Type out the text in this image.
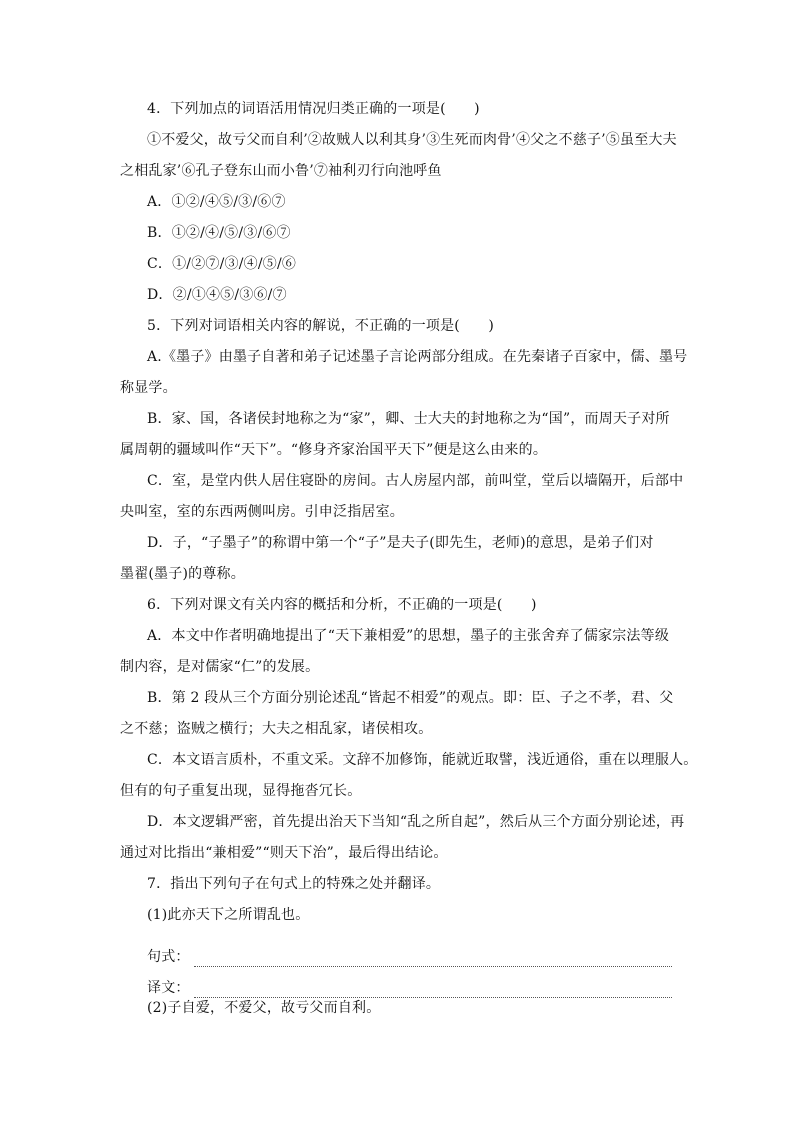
4．下列加点的词语活用情况归类正确的一项是(　　)
①不爱父，故亏父而自利’②故贼人以利其身’③生死而肉骨’④父之不慈子’⑤虽至大夫
之相乱家’⑥孔子登东山而小鲁’⑦袖利刃行向池呼鱼
A．①②/④⑤/③/⑥⑦
B．①②/④/⑤/③/⑥⑦
C．①/②⑦/③/④/⑤/⑥
D．②/①④⑤/③⑥/⑦
5．下列对词语相关内容的解说，不正确的一项是(　　)
A.《墨子》由墨子自著和弟子记述墨子言论两部分组成。在先秦诸子百家中，儒、墨号
称显学。
B．家、国，各诸侯封地称之为“家”，卿、士大夫的封地称之为“国”，而周天子对所
属周朝的疆域叫作“天下”。“修身齐家治国平天下”便是这么由来的。
C．室，是堂内供人居住寝卧的房间。古人房屋内部，前叫堂，堂后以墙隔开，后部中
央叫室，室的东西两侧叫房。引申泛指居室。
D．子，“子墨子”的称谓中第一个“子”是夫子(即先生，老师)的意思，是弟子们对
墨翟(墨子)的尊称。
6．下列对课文有关内容的概括和分析，不正确的一项是(　　)
A．本文中作者明确地提出了“天下兼相爱”的思想，墨子的主张舍弃了儒家宗法等级
制内容，是对儒家“仁”的发展。
B．第 2 段从三个方面分别论述乱“皆起不相爱”的观点。即：臣、子之不孝，君、父
之不慈；盗贼之横行；大夫之相乱家，诸侯相攻。
C．本文语言质朴，不重文采。文辞不加修饰，能就近取譬，浅近通俗，重在以理服人。
但有的句子重复出现，显得拖沓冗长。
D．本文逻辑严密，首先提出治天下当知“乱之所自起”，然后从三个方面分别论述，再
通过对比指出“兼相爱”“则天下治”，最后得出结论。
7．指出下列句子在句式上的特殊之处并翻译。
(1)此亦天下之所谓乱也。
句式：
译文：
(2)子自爱，不爱父，故亏父而自利。
